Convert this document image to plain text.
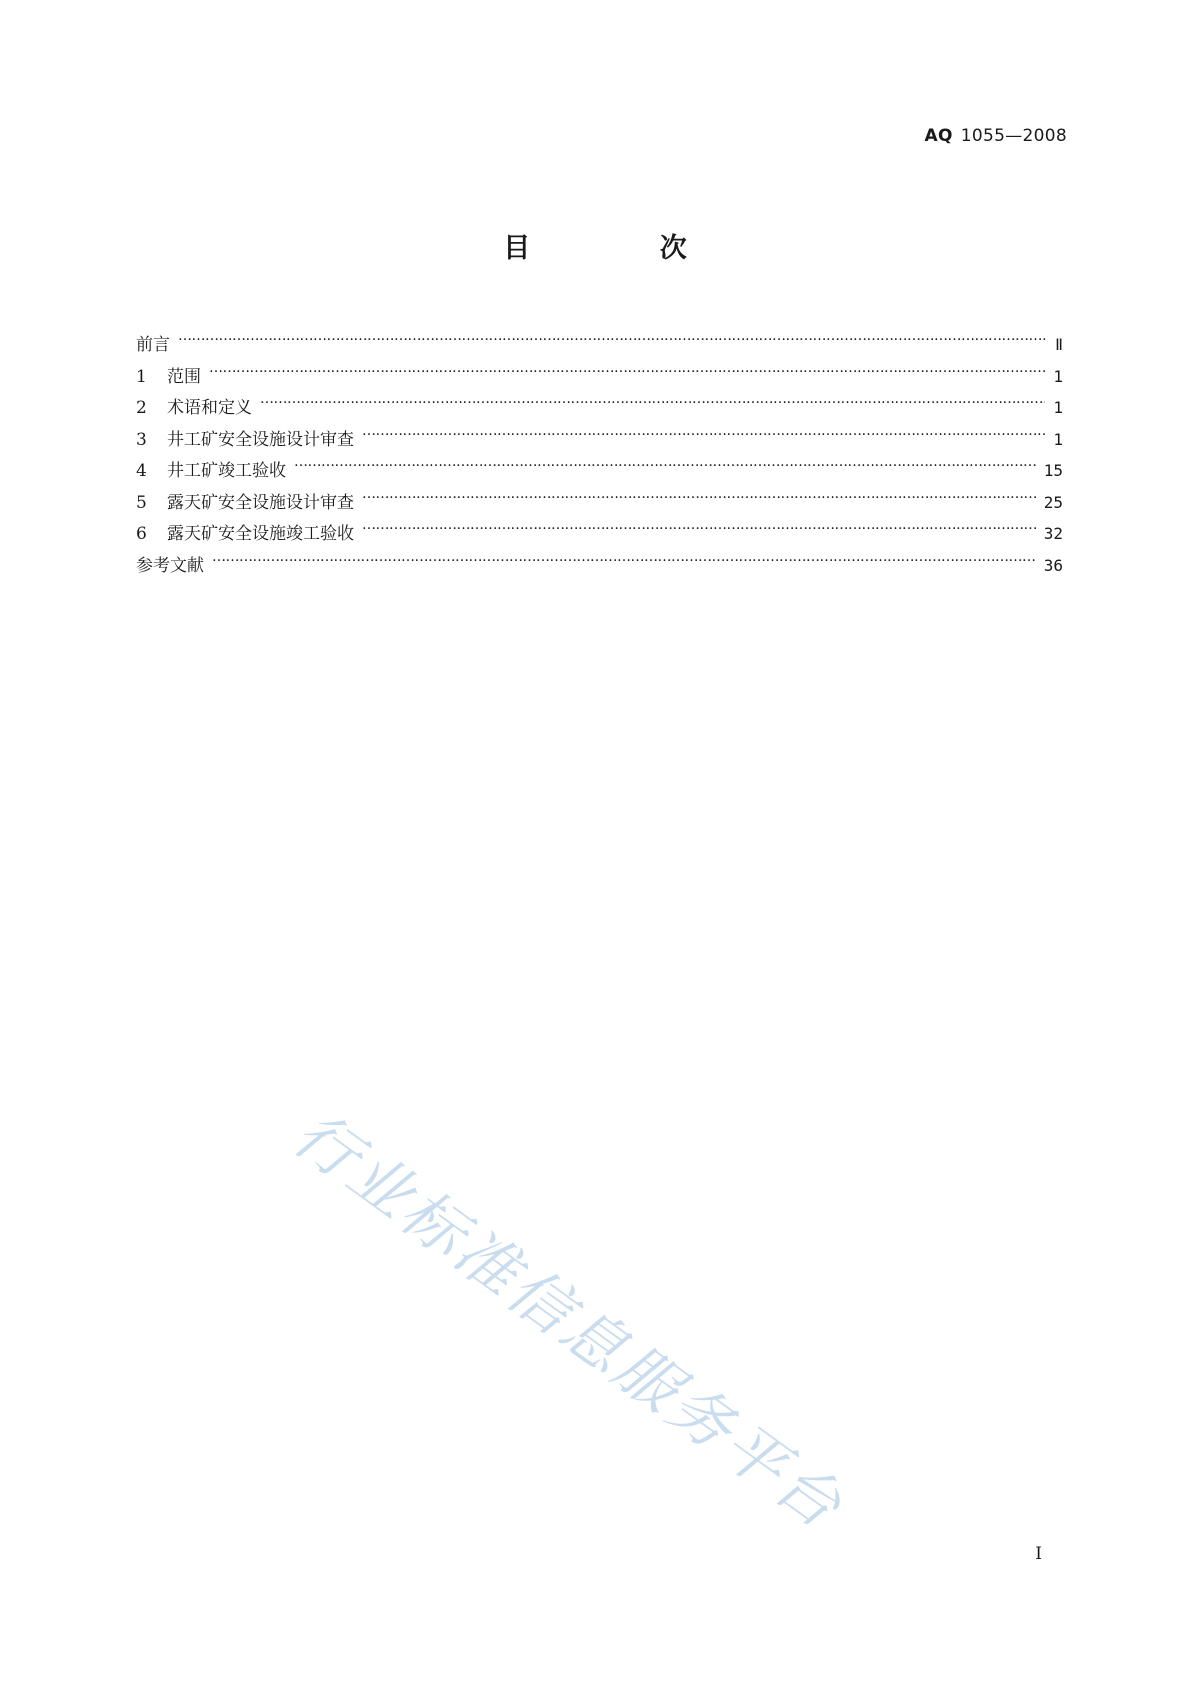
AQ 1055—2008
目 次
前言 …………………………………………………………………………………………………………………………………………………………………………………………………………………………………	Ⅱ
1	范围 …………………………………………………………………………………………………………………………………………………………………………………………………………………………………	1
2	术语和定义 …………………………………………………………………………………………………………………………………………………………………………………………………………………………………	1
3	井工矿安全设施设计审查 …………………………………………………………………………………………………………………………………………………………………………………………………………………………………	1
4	井工矿竣工验收 …………………………………………………………………………………………………………………………………………………………………………………………………………………………………	15
5	露天矿安全设施设计审查 …………………………………………………………………………………………………………………………………………………………………………………………………………………………………	25
6	露天矿安全设施竣工验收 …………………………………………………………………………………………………………………………………………………………………………………………………………………………………	32
参考文献 …………………………………………………………………………………………………………………………………………………………………………………………………………………………………	36
行业标准信息服务平台
I
